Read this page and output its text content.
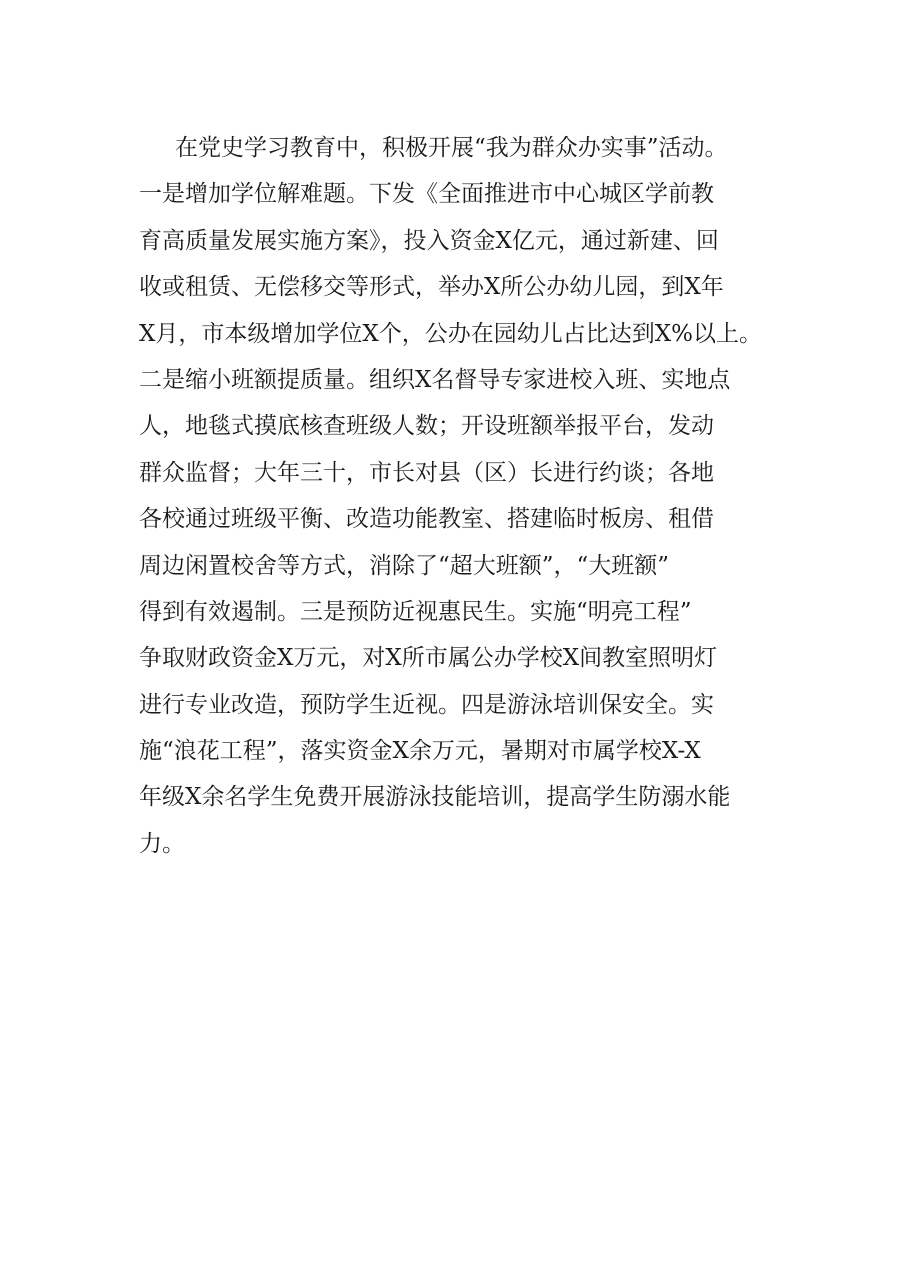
在党史学习教育中，积极开展“我为群众办实事”活动。
一是增加学位解难题。下发《全面推进市中心城区学前教
育高质量发展实施方案》，投入资金X亿元，通过新建、回
收或租赁、无偿移交等形式，举办X所公办幼儿园，到X年
X月，市本级增加学位X个，公办在园幼儿占比达到X%以上。
二是缩小班额提质量。组织X名督导专家进校入班、实地点
人，地毯式摸底核查班级人数；开设班额举报平台，发动
群众监督；大年三十，市长对县（区）长进行约谈；各地
各校通过班级平衡、改造功能教室、搭建临时板房、租借
周边闲置校舍等方式，消除了“超大班额”，“大班额”
得到有效遏制。三是预防近视惠民生。实施“明亮工程”
争取财政资金X万元，对X所市属公办学校X间教室照明灯
进行专业改造，预防学生近视。四是游泳培训保安全。实
施“浪花工程”，落实资金X余万元，暑期对市属学校X-X
年级X余名学生免费开展游泳技能培训，提高学生防溺水能
力。
